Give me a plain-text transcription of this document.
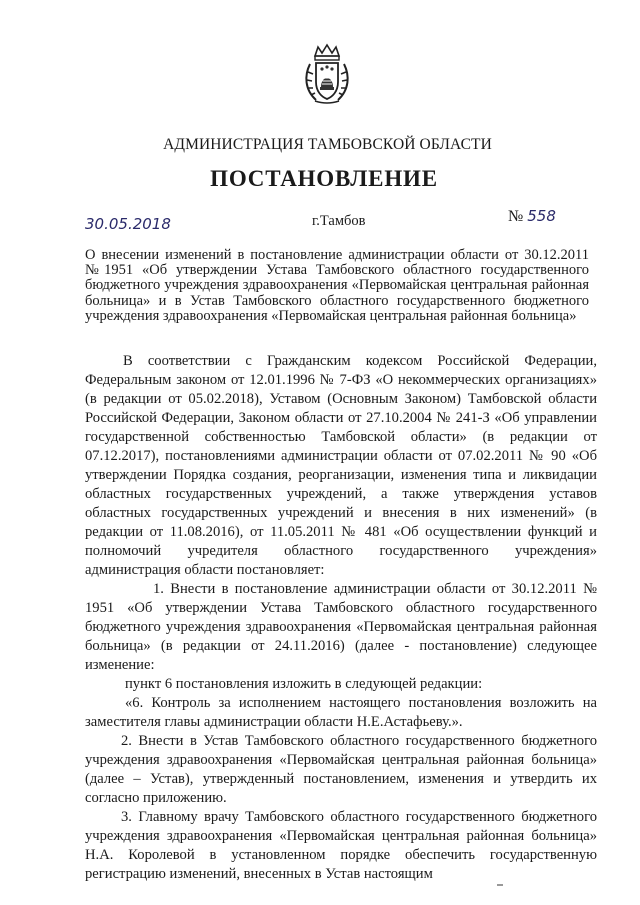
АДМИНИСТРАЦИЯ ТАМБОВСКОЙ ОБЛАСТИ
ПОСТАНОВЛЕНИЕ
30.05.2018	г.Тамбов	№ 558
О внесении изменений в постановление администрации области от 30.12.2011 №1951 «Об утверждении Устава Тамбовского областного государственного бюджетного учреждения здравоохранения «Первомайская центральная районная больница» и в Устав Тамбовского областного государственного бюджетного учреждения здравоохранения «Первомайская центральная районная больница»

В соответствии с Гражданским кодексом Российской Федерации, Федеральным законом от 12.01.1996 № 7-ФЗ «О некоммерческих организациях» (в редакции от 05.02.2018), Уставом (Основным Законом) Тамбовской области Российской Федерации, Законом области от 27.10.2004 № 241-З «Об управлении государственной собственностью Тамбовской области» (в редакции от 07.12.2017), постановлениями администрации области от 07.02.2011 № 90 «Об утверждении Порядка создания, реорганизации, изменения типа и ликвидации областных государственных учреждений, а также утверждения уставов областных государственных учреждений и внесения в них изменений» (в редакции от 11.08.2016), от 11.05.2011 № 481 «Об осуществлении функций и полномочий учредителя областного государственного учреждения» администрация области постановляет:

1. Внести в постановление администрации области от 30.12.2011 № 1951 «Об утверждении Устава Тамбовского областного государственного бюджетного учреждения здравоохранения «Первомайская центральная районная больница» (в редакции от 24.11.2016) (далее - постановление) следующее изменение:

пункт 6 постановления изложить в следующей редакции:

«6. Контроль за исполнением настоящего постановления возложить на заместителя главы администрации области Н.Е.Астафьеву.».

2. Внести в Устав Тамбовского областного государственного бюджетного учреждения здравоохранения «Первомайская центральная районная больница» (далее – Устав), утвержденный постановлением, изменения и утвердить их согласно приложению.

3. Главному врачу Тамбовского областного государственного бюджетного учреждения здравоохранения «Первомайская центральная районная больница» Н.А. Королевой в установленном порядке обеспечить государственную регистрацию изменений, внесенных в Устав настоящим
